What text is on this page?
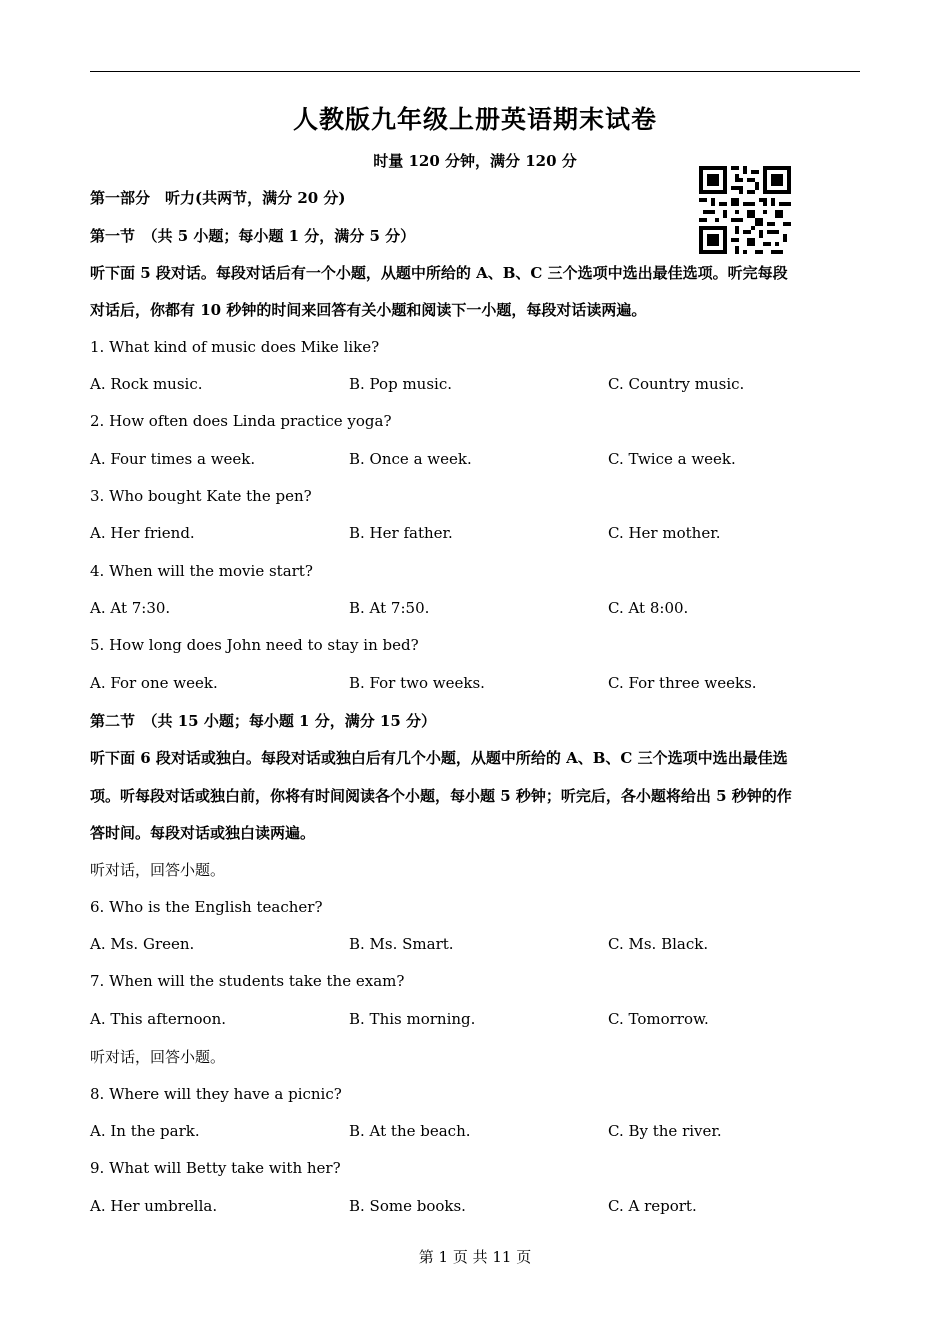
人教版九年级上册英语期末试卷
时量 120 分钟，满分 120 分
第一部分　听力(共两节，满分 20 分)
第一节　（共 5 小题；每小题 1 分，满分 5 分）
听下面 5 段对话。每段对话后有一个小题，从题中所给的 A、B、C 三个选项中选出最佳选项。听完每段
对话后，你都有 10 秒钟的时间来回答有关小题和阅读下一小题，每段对话读两遍。
1. What kind of music does Mike like?
A. Rock music.	B. Pop music.	C. Country music.
2. How often does Linda practice yoga?
A. Four times a week.	B. Once a week.	C. Twice a week.
3. Who bought Kate the pen?
A. Her friend.	B. Her father.	C. Her mother.
4. When will the movie start?
A. At 7:30.	B. At 7:50.	C. At 8:00.
5. How long does John need to stay in bed?
A. For one week.	B. For two weeks.	C. For three weeks.
第二节　（共 15 小题；每小题 1 分，满分 15 分）
听下面 6 段对话或独白。每段对话或独白后有几个小题，从题中所给的 A、B、C 三个选项中选出最佳选
项。听每段对话或独白前，你将有时间阅读各个小题，每小题 5 秒钟；听完后，各小题将给出 5 秒钟的作
答时间。每段对话或独白读两遍。
听对话，回答小题。
6. Who is the English teacher?
A. Ms. Green.	B. Ms. Smart.	C. Ms. Black.
7. When will the students take the exam?
A. This afternoon.	B. This morning.	C. Tomorrow.
听对话，回答小题。
8. Where will they have a picnic?
A. In the park.	B. At the beach.	C. By the river.
9. What will Betty take with her?
A. Her umbrella.	B. Some books.	C. A report.
第 1 页 共 11 页
